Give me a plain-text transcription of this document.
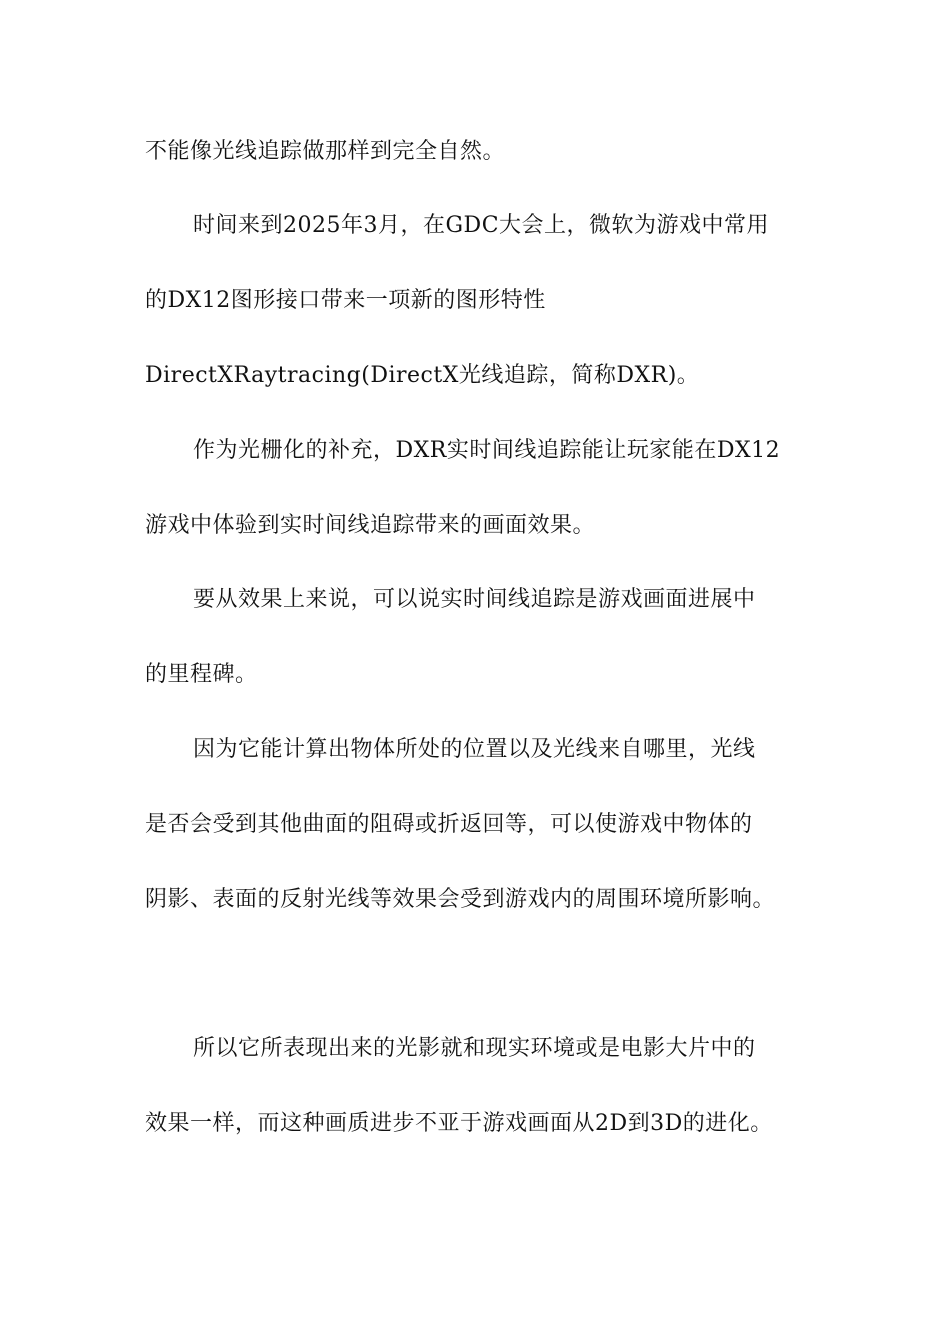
不能像光线追踪做那样到完全自然。
时间来到2025年3月，在GDC大会上，微软为游戏中常用
的DX12图形接口带来一项新的图形特性
DirectXRaytracing(DirectX光线追踪，简称DXR)。
作为光栅化的补充，DXR实时间线追踪能让玩家能在DX12
游戏中体验到实时间线追踪带来的画面效果。
要从效果上来说，可以说实时间线追踪是游戏画面进展中
的里程碑。
因为它能计算出物体所处的位置以及光线来自哪里，光线
是否会受到其他曲面的阻碍或折返回等，可以使游戏中物体的
阴影、表面的反射光线等效果会受到游戏内的周围环境所影响。
所以它所表现出来的光影就和现实环境或是电影大片中的
效果一样，而这种画质进步不亚于游戏画面从2D到3D的进化。
